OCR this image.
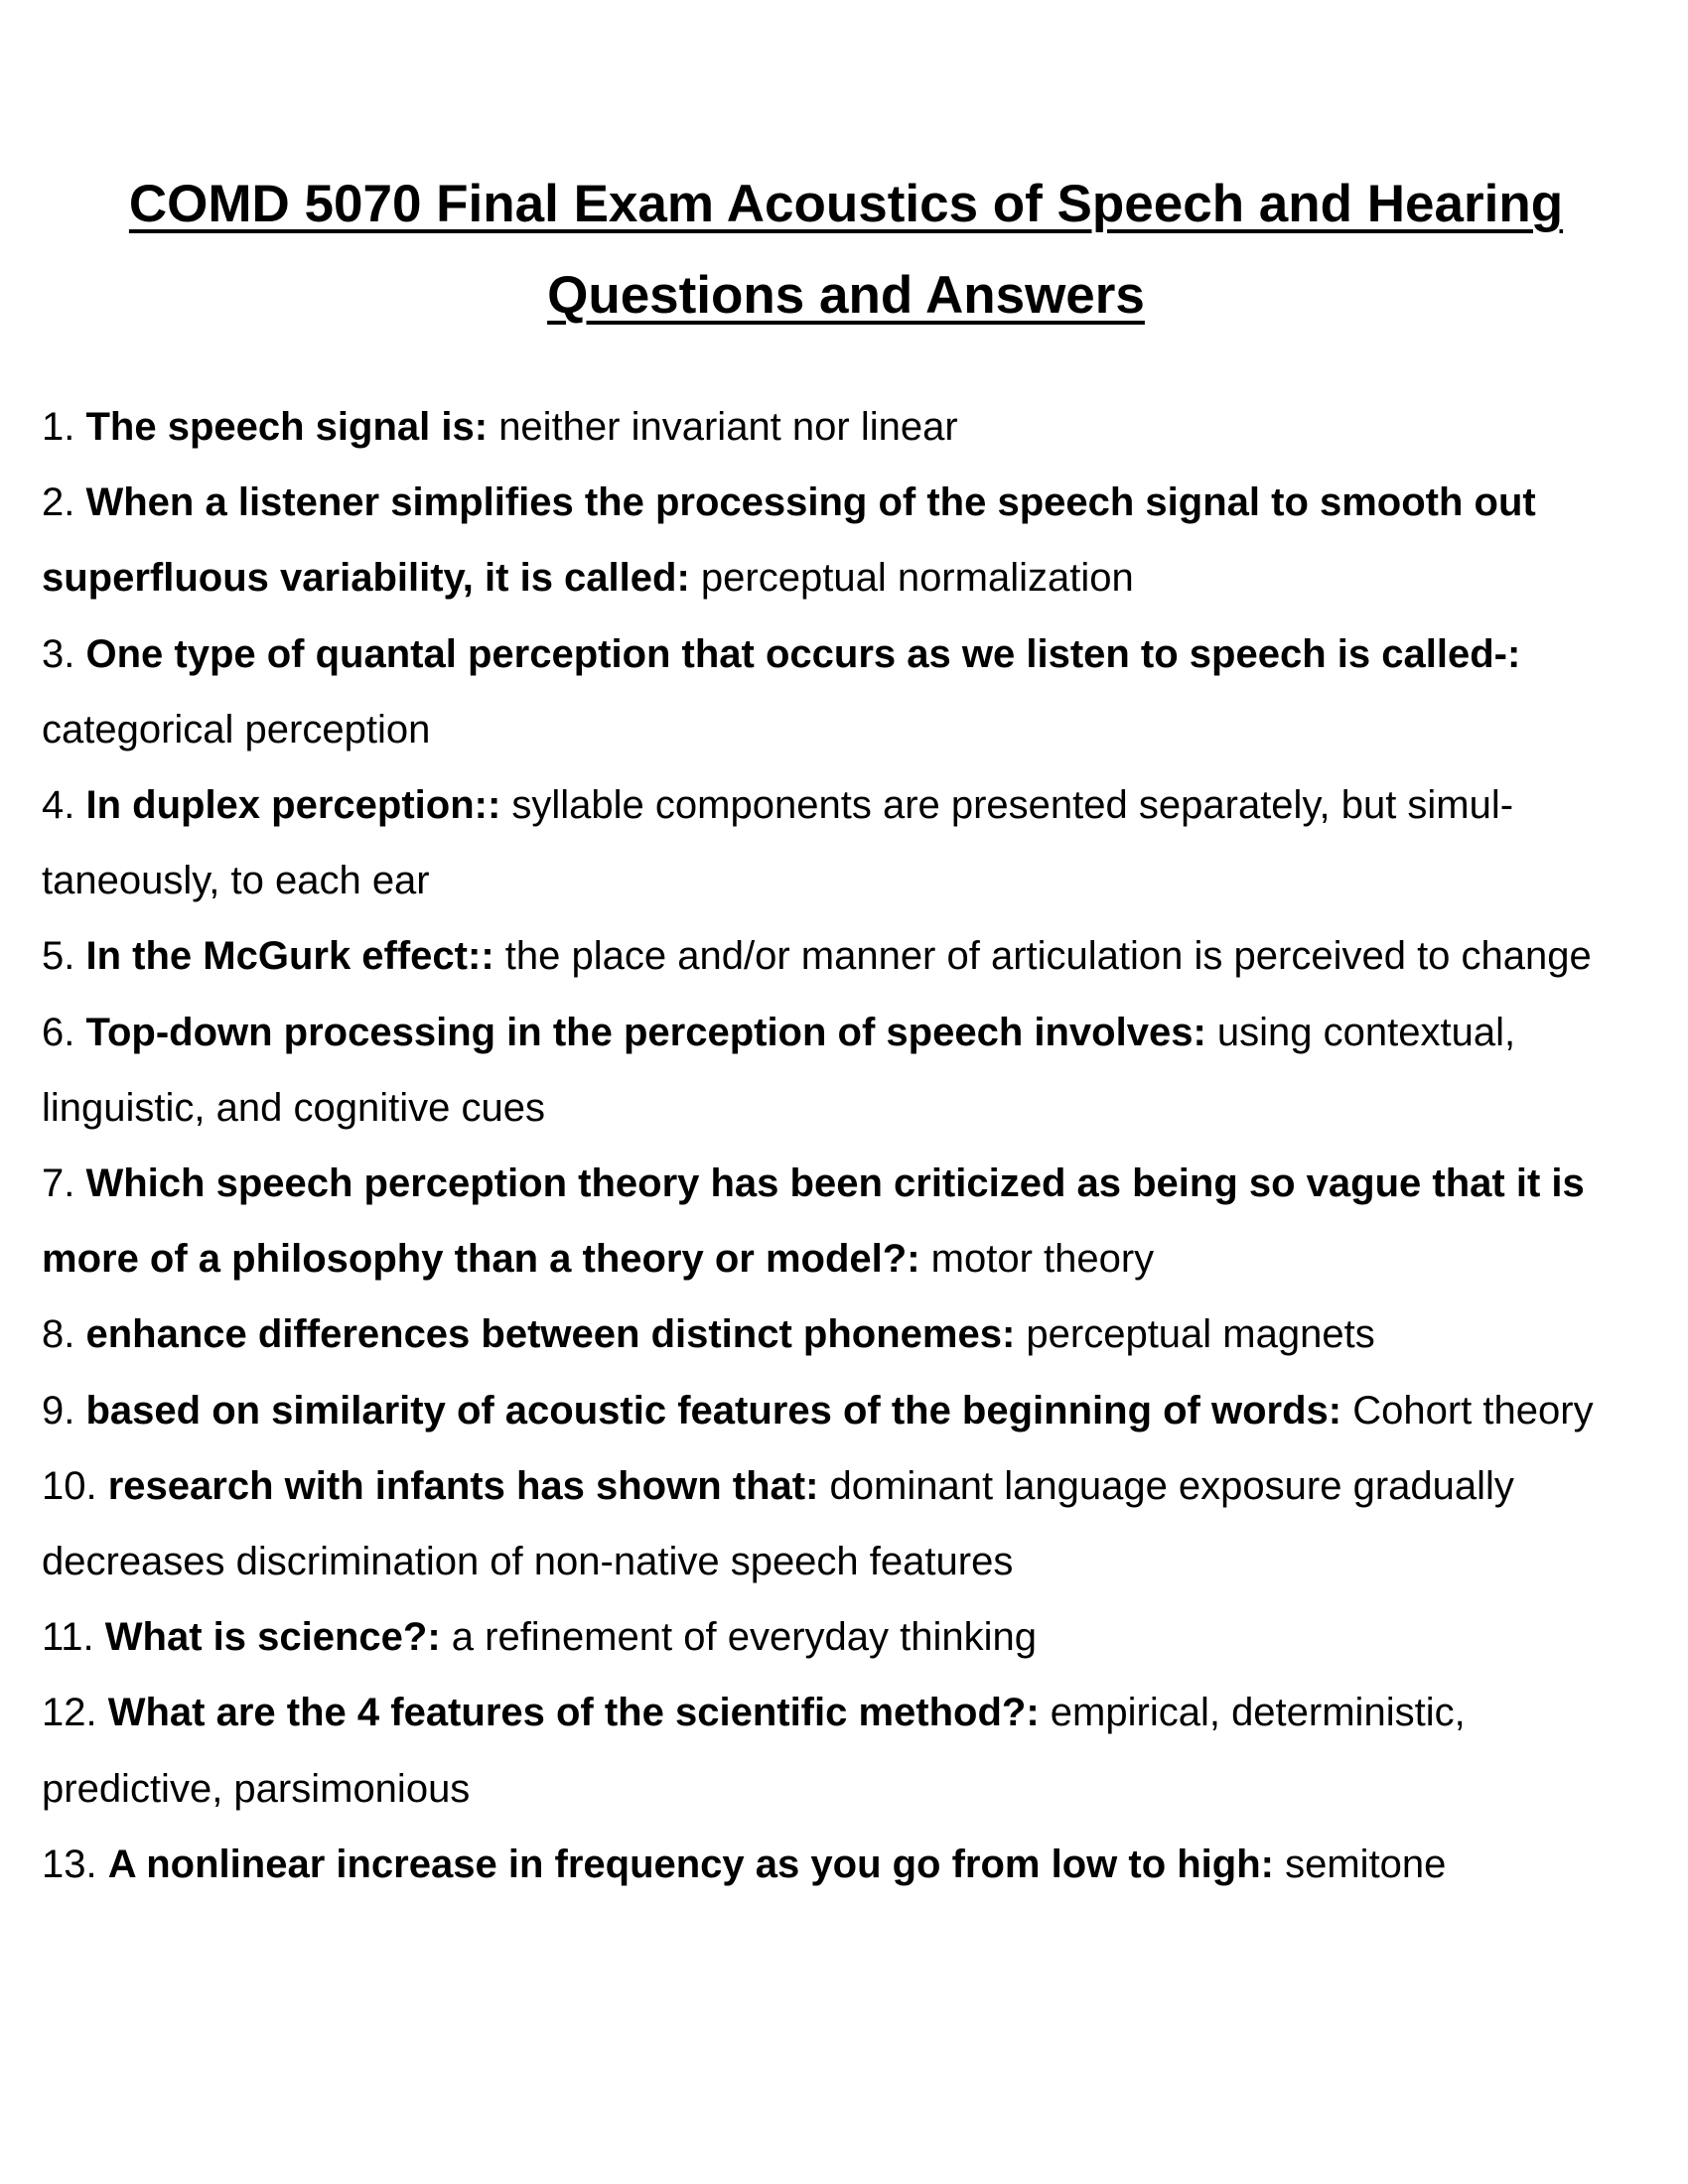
COMD 5070 Final Exam Acoustics of Speech and Hearing
Questions and Answers
1. The speech signal is: neither invariant nor linear
2. When a listener simplifies the processing of the speech signal to smooth out superfluous variability, it is called: perceptual normalization
3. One type of quantal perception that occurs as we listen to speech is called-: categorical perception
4. In duplex perception:: syllable components are presented separately, but simul- taneously, to each ear
5. In the McGurk effect:: the place and/or manner of articulation is perceived to change
6. Top-down processing in the perception of speech involves: using contextual, linguistic, and cognitive cues
7. Which speech perception theory has been criticized as being so vague that it is more of a philosophy than a theory or model?: motor theory
8. enhance differences between distinct phonemes: perceptual magnets
9. based on similarity of acoustic features of the beginning of words: Cohort theory
10. research with infants has shown that: dominant language exposure gradually decreases discrimination of non-native speech features
11. What is science?: a refinement of everyday thinking
12. What are the 4 features of the scientific method?: empirical, deterministic, predictive, parsimonious
13. A nonlinear increase in frequency as you go from low to high: semitone
